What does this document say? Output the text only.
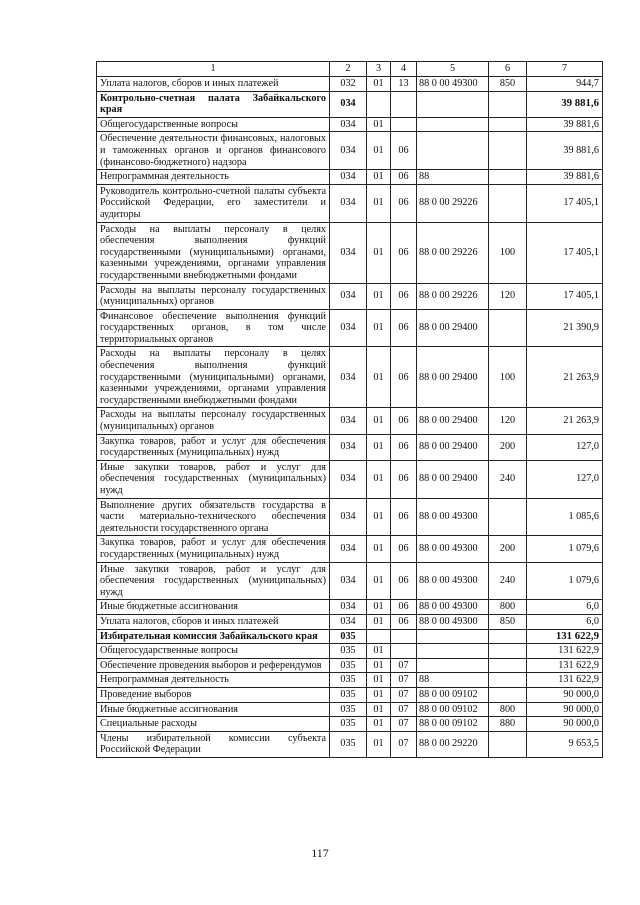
1	2	3	4	5	6	7
Уплата налогов, сборов и иных платежей	032	01	13	88 0 00 49300	850	944,7
Контрольно-счетная палата Забайкальского края	034					39 881,6
Общегосударственные вопросы	034	01				39 881,6
Обеспечение деятельности финансовых, налоговых и таможенных органов и органов финансового (финансово-бюджетного) надзора	034	01	06			39 881,6
Непрограммная деятельность	034	01	06	88		39 881,6
Руководитель контрольно-счетной палаты субъекта Российской Федерации, его заместители и аудиторы	034	01	06	88 0 00 29226		17 405,1
Расходы на выплаты персоналу в целях обеспечения выполнения функций государственными (муниципальными) органами, казенными учреждениями, органами управления государственными внебюджетными фондами	034	01	06	88 0 00 29226	100	17 405,1
Расходы на выплаты персоналу государственных (муниципальных) органов	034	01	06	88 0 00 29226	120	17 405,1
Финансовое обеспечение выполнения функций государственных органов, в том числе территориальных органов	034	01	06	88 0 00 29400		21 390,9
Расходы на выплаты персоналу в целях обеспечения выполнения функций государственными (муниципальными) органами, казенными учреждениями, органами управления государственными внебюджетными фондами	034	01	06	88 0 00 29400	100	21 263,9
Расходы на выплаты персоналу государственных (муниципальных) органов	034	01	06	88 0 00 29400	120	21 263,9
Закупка товаров, работ и услуг для обеспечения государственных (муниципальных) нужд	034	01	06	88 0 00 29400	200	127,0
Иные закупки товаров, работ и услуг для обеспечения государственных (муниципальных) нужд	034	01	06	88 0 00 29400	240	127,0
Выполнение других обязательств государства в части материально-технического обеспечения деятельности государственного органа	034	01	06	88 0 00 49300		1 085,6
Закупка товаров, работ и услуг для обеспечения государственных (муниципальных) нужд	034	01	06	88 0 00 49300	200	1 079,6
Иные закупки товаров, работ и услуг для обеспечения государственных (муниципальных) нужд	034	01	06	88 0 00 49300	240	1 079,6
Иные бюджетные ассигнования	034	01	06	88 0 00 49300	800	6,0
Уплата налогов, сборов и иных платежей	034	01	06	88 0 00 49300	850	6,0
Избирательная комиссия Забайкальского края	035					131 622,9
Общегосударственные вопросы	035	01				131 622,9
Обеспечение проведения выборов и референдумов	035	01	07			131 622,9
Непрограммная деятельность	035	01	07	88		131 622,9
Проведение выборов	035	01	07	88 0 00 09102		90 000,0
Иные бюджетные ассигнования	035	01	07	88 0 00 09102	800	90 000,0
Специальные расходы	035	01	07	88 0 00 09102	880	90 000,0
Члены избирательной комиссии субъекта Российской Федерации	035	01	07	88 0 00 29220		9 653,5
117
